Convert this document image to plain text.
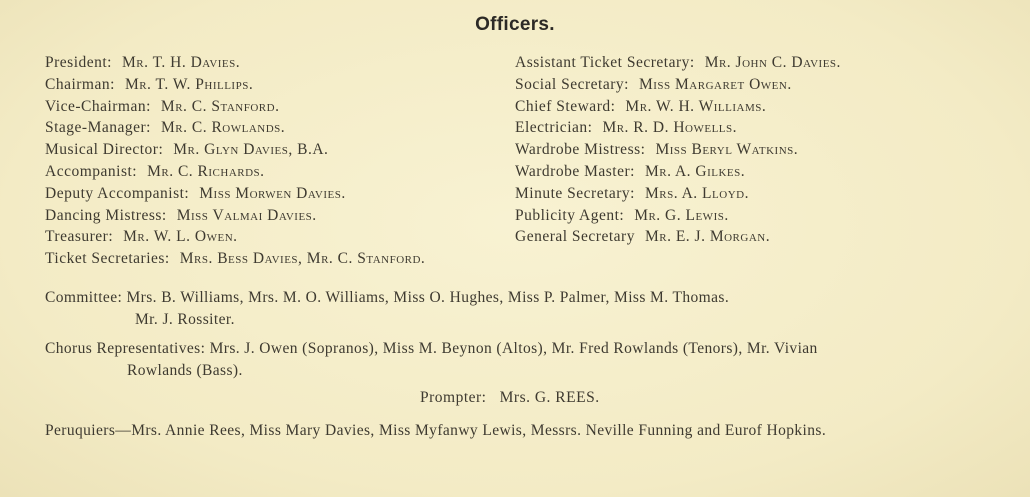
Officers.
President: Mr. T. H. Davies.
Chairman: Mr. T. W. Phillips.
Vice-Chairman: Mr. C. Stanford.
Stage-Manager: Mr. C. Rowlands.
Musical Director: Mr. Glyn Davies, B.A.
Accompanist: Mr. C. Richards.
Deputy Accompanist: Miss Morwen Davies.
Dancing Mistress: Miss Valmai Davies.
Treasurer: Mr. W. L. Owen.
Ticket Secretaries: Mrs. Bess Davies, Mr. C. Stanford.
Assistant Ticket Secretary: Mr. John C. Davies.
Social Secretary: Miss Margaret Owen.
Chief Steward: Mr. W. H. Williams.
Electrician: Mr. R. D. Howells.
Wardrobe Mistress: Miss Beryl Watkins.
Wardrobe Master: Mr. A. Gilkes.
Minute Secretary: Mrs. A. Lloyd.
Publicity Agent: Mr. G. Lewis.
General Secretary Mr. E. J. Morgan.
Committee: Mrs. B. Williams, Mrs. M. O. Williams, Miss O. Hughes, Miss P. Palmer, Miss M. Thomas.
Mr. J. Rossiter.
Chorus Representatives: Mrs. J. Owen (Sopranos), Miss M. Beynon (Altos), Mr. Fred Rowlands (Tenors), Mr. Vivian
Rowlands (Bass).
Prompter: Mrs. G. REES.
Peruquiers—Mrs. Annie Rees, Miss Mary Davies, Miss Myfanwy Lewis, Messrs. Neville Funning and Eurof Hopkins.
